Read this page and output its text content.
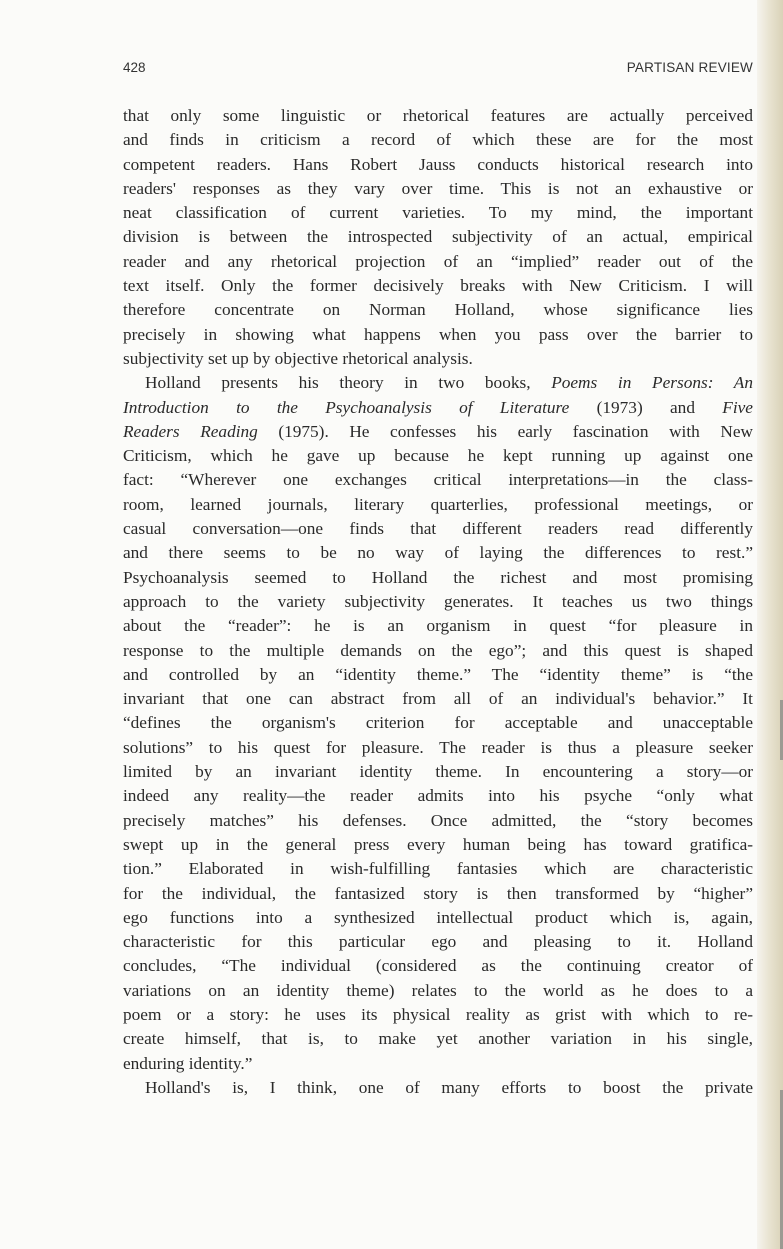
428	PARTISAN REVIEW
that only some linguistic or rhetorical features are actually perceived
and finds in criticism a record of which these are for the most
competent readers. Hans Robert Jauss conducts historical research into
readers' responses as they vary over time. This is not an exhaustive or
neat classification of current varieties. To my mind, the important
division is between the introspected subjectivity of an actual, empirical
reader and any rhetorical projection of an “implied” reader out of the
text itself. Only the former decisively breaks with New Criticism. I will
therefore concentrate on Norman Holland, whose significance lies
precisely in showing what happens when you pass over the barrier to
subjectivity set up by objective rhetorical analysis.
Holland presents his theory in two books, Poems in Persons: An
Introduction to the Psychoanalysis of Literature (1973) and Five
Readers Reading (1975). He confesses his early fascination with New
Criticism, which he gave up because he kept running up against one
fact: “Wherever one exchanges critical interpretations—in the class-
room, learned journals, literary quarterlies, professional meetings, or
casual conversation—one finds that different readers read differently
and there seems to be no way of laying the differences to rest.”
Psychoanalysis seemed to Holland the richest and most promising
approach to the variety subjectivity generates. It teaches us two things
about the “reader”: he is an organism in quest “for pleasure in
response to the multiple demands on the ego”; and this quest is shaped
and controlled by an “identity theme.” The “identity theme” is “the
invariant that one can abstract from all of an individual's behavior.” It
“defines the organism's criterion for acceptable and unacceptable
solutions” to his quest for pleasure. The reader is thus a pleasure seeker
limited by an invariant identity theme. In encountering a story—or
indeed any reality—the reader admits into his psyche “only what
precisely matches” his defenses. Once admitted, the “story becomes
swept up in the general press every human being has toward gratifica-
tion.” Elaborated in wish-fulfilling fantasies which are characteristic
for the individual, the fantasized story is then transformed by “higher”
ego functions into a synthesized intellectual product which is, again,
characteristic for this particular ego and pleasing to it. Holland
concludes, “The individual (considered as the continuing creator of
variations on an identity theme) relates to the world as he does to a
poem or a story: he uses its physical reality as grist with which to re-
create himself, that is, to make yet another variation in his single,
enduring identity.”
Holland's is, I think, one of many efforts to boost the private
